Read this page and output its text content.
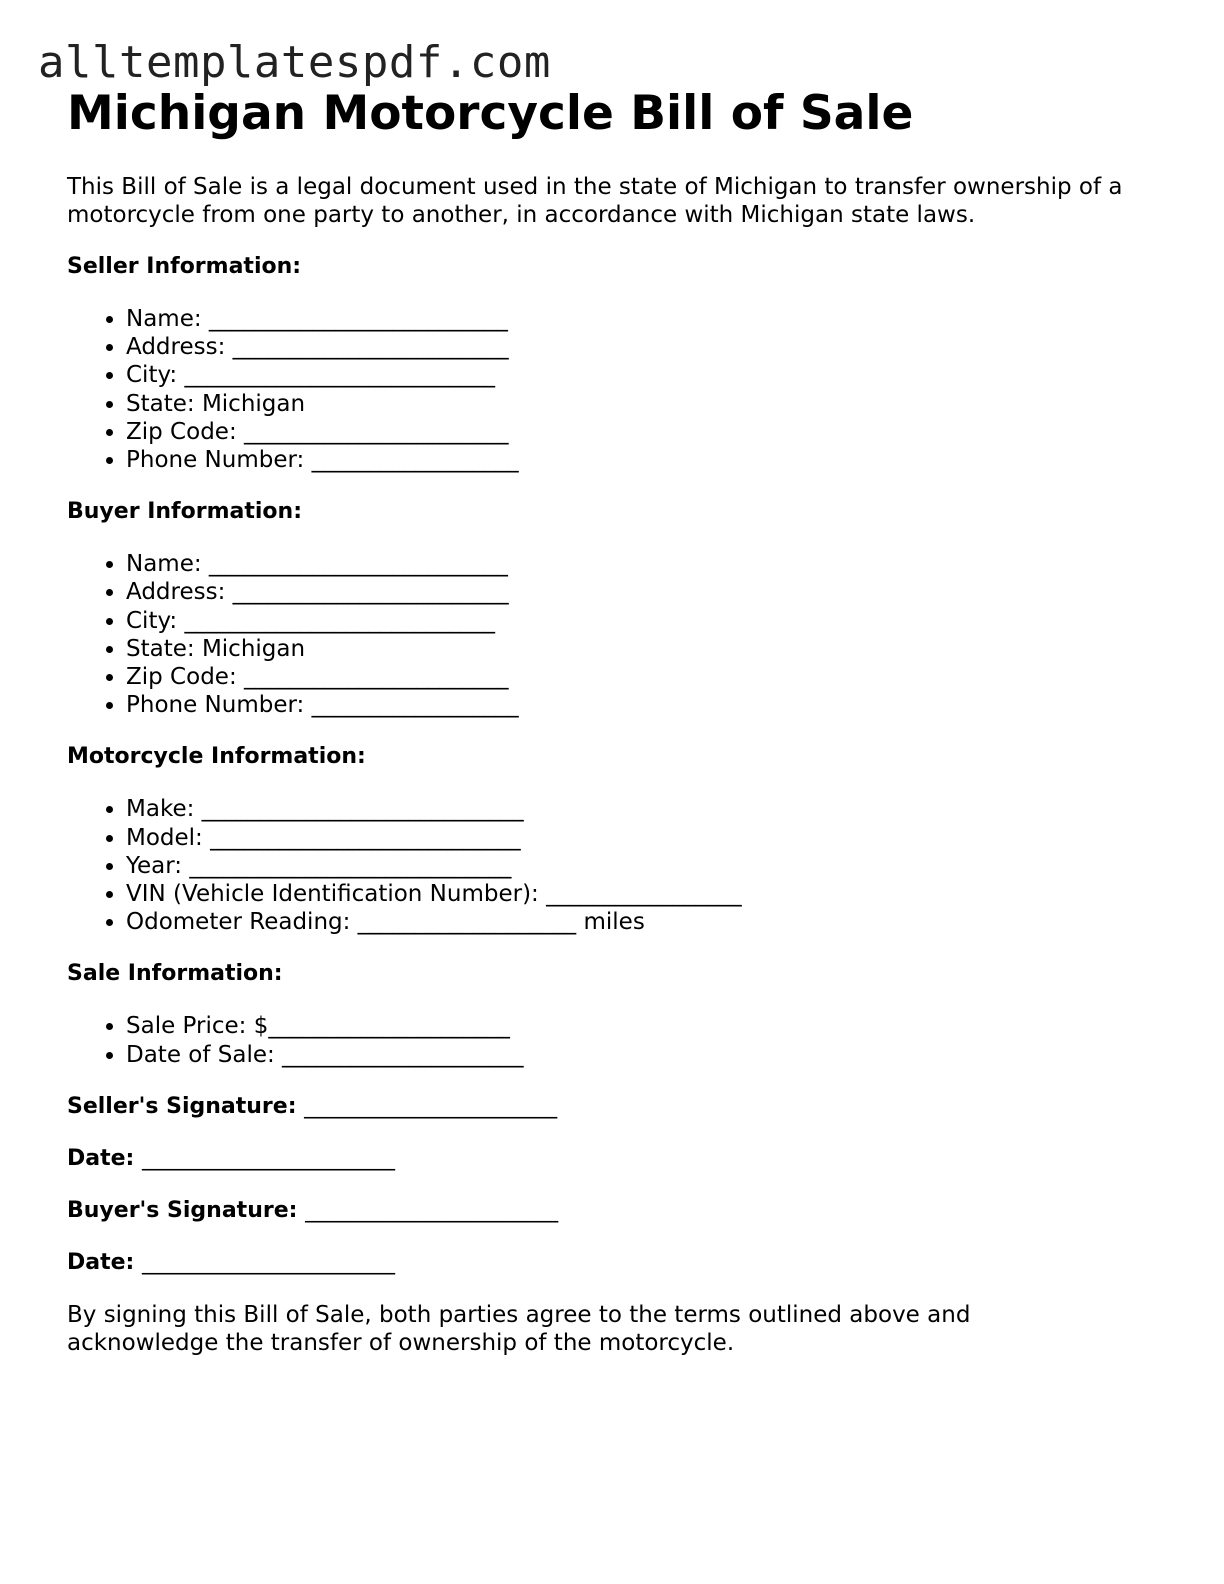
alltemplatespdf.com
Michigan Motorcycle Bill of Sale

This Bill of Sale is a legal document used in the state of Michigan to transfer ownership of a motorcycle from one party to another, in accordance with Michigan state laws.

Seller Information:

• Name: __________________________
• Address: ________________________
• City: ___________________________
• State: Michigan
• Zip Code: _______________________
• Phone Number: __________________

Buyer Information:

• Name: __________________________
• Address: ________________________
• City: ___________________________
• State: Michigan
• Zip Code: _______________________
• Phone Number: __________________

Motorcycle Information:

• Make: ____________________________
• Model: ___________________________
• Year: ____________________________
• VIN (Vehicle Identification Number): _________________
• Odometer Reading: ___________________ miles

Sale Information:

• Sale Price: $_____________________
• Date of Sale: _____________________

Seller's Signature: _______________________

Date: _______________________

Buyer's Signature: _______________________

Date: _______________________

By signing this Bill of Sale, both parties agree to the terms outlined above and acknowledge the transfer of ownership of the motorcycle.
